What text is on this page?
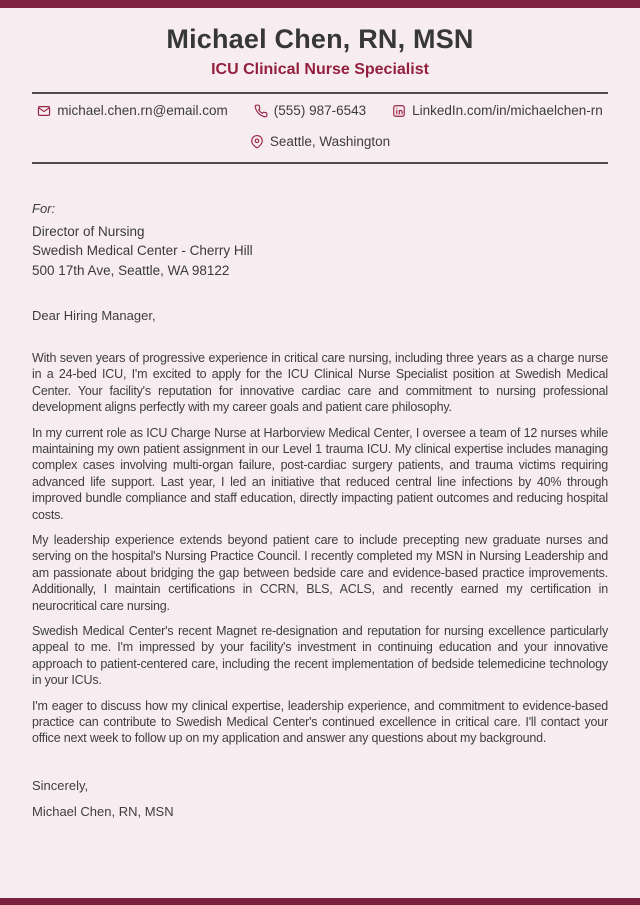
Michael Chen, RN, MSN
ICU Clinical Nurse Specialist
michael.chen.rn@email.com	(555) 987-6543	LinkedIn.com/in/michaelchen-rn
Seattle, Washington
For:
Director of Nursing
Swedish Medical Center - Cherry Hill
500 17th Ave, Seattle, WA 98122
Dear Hiring Manager,

With seven years of progressive experience in critical care nursing, including three years as a charge nurse in a 24-bed ICU, I'm excited to apply for the ICU Clinical Nurse Specialist position at Swedish Medical Center. Your facility's reputation for innovative cardiac care and commitment to nursing professional development aligns perfectly with my career goals and patient care philosophy.

In my current role as ICU Charge Nurse at Harborview Medical Center, I oversee a team of 12 nurses while maintaining my own patient assignment in our Level 1 trauma ICU. My clinical expertise includes managing complex cases involving multi-organ failure, post-cardiac surgery patients, and trauma victims requiring advanced life support. Last year, I led an initiative that reduced central line infections by 40% through improved bundle compliance and staff education, directly impacting patient outcomes and reducing hospital costs.

My leadership experience extends beyond patient care to include precepting new graduate nurses and serving on the hospital's Nursing Practice Council. I recently completed my MSN in Nursing Leadership and am passionate about bridging the gap between bedside care and evidence-based practice improvements. Additionally, I maintain certifications in CCRN, BLS, ACLS, and recently earned my certification in neurocritical care nursing.

Swedish Medical Center's recent Magnet re-designation and reputation for nursing excellence particularly appeal to me. I'm impressed by your facility's investment in continuing education and your innovative approach to patient-centered care, including the recent implementation of bedside telemedicine technology in your ICUs.

I'm eager to discuss how my clinical expertise, leadership experience, and commitment to evidence-based practice can contribute to Swedish Medical Center's continued excellence in critical care. I'll contact your office next week to follow up on my application and answer any questions about my background.

Sincerely,
Michael Chen, RN, MSN
